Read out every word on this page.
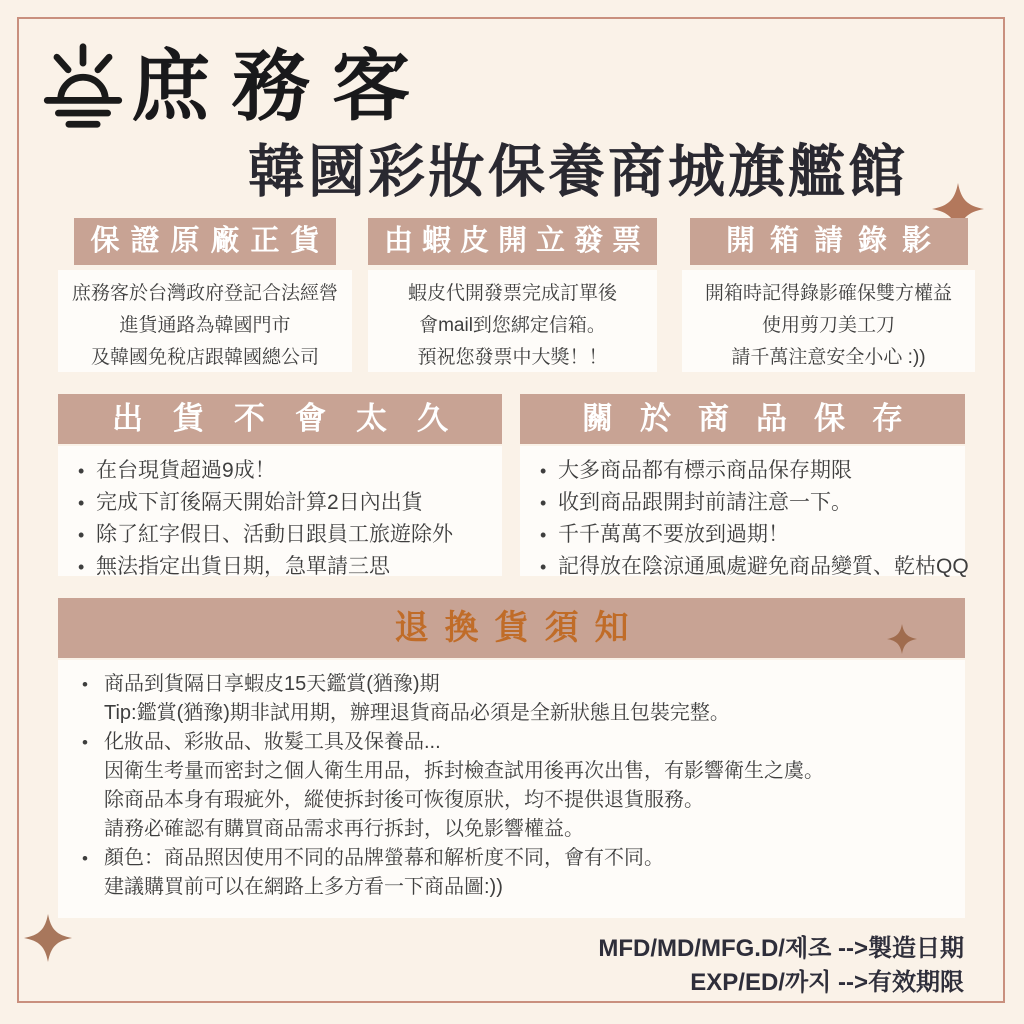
庶務客
韓國彩妝保養商城旗艦館
保證原廠正貨
庶務客於台灣政府登記合法經營
進貨通路為韓國門市
及韓國免稅店跟韓國總公司
由蝦皮開立發票
蝦皮代開發票完成訂單後
會mail到您綁定信箱。
預祝您發票中大獎！！
開箱請錄影
開箱時記得錄影確保雙方權益
使用剪刀美工刀
請千萬注意安全小心 :))
出貨不會太久
• 在台現貨超過9成！
• 完成下訂後隔天開始計算2日內出貨
• 除了紅字假日、活動日跟員工旅遊除外
• 無法指定出貨日期，急單請三思
關於商品保存
• 大多商品都有標示商品保存期限
• 收到商品跟開封前請注意一下。
• 千千萬萬不要放到過期！
• 記得放在陰涼通風處避免商品變質、乾枯QQ
退換貨須知
• 商品到貨隔日享蝦皮15天鑑賞(猶豫)期
Tip:鑑賞(猶豫)期非試用期，辦理退貨商品必須是全新狀態且包裝完整。
• 化妝品、彩妝品、妝髮工具及保養品...
因衛生考量而密封之個人衛生用品，拆封檢查試用後再次出售，有影響衛生之虞。
除商品本身有瑕疵外，縱使拆封後可恢復原狀，均不提供退貨服務。
請務必確認有購買商品需求再行拆封，以免影響權益。
• 顏色：商品照因使用不同的品牌螢幕和解析度不同，會有不同。
建議購買前可以在網路上多方看一下商品圖:))
MFD/MD/MFG.D/제조 -->製造日期
EXP/ED/까지 -->有效期限
